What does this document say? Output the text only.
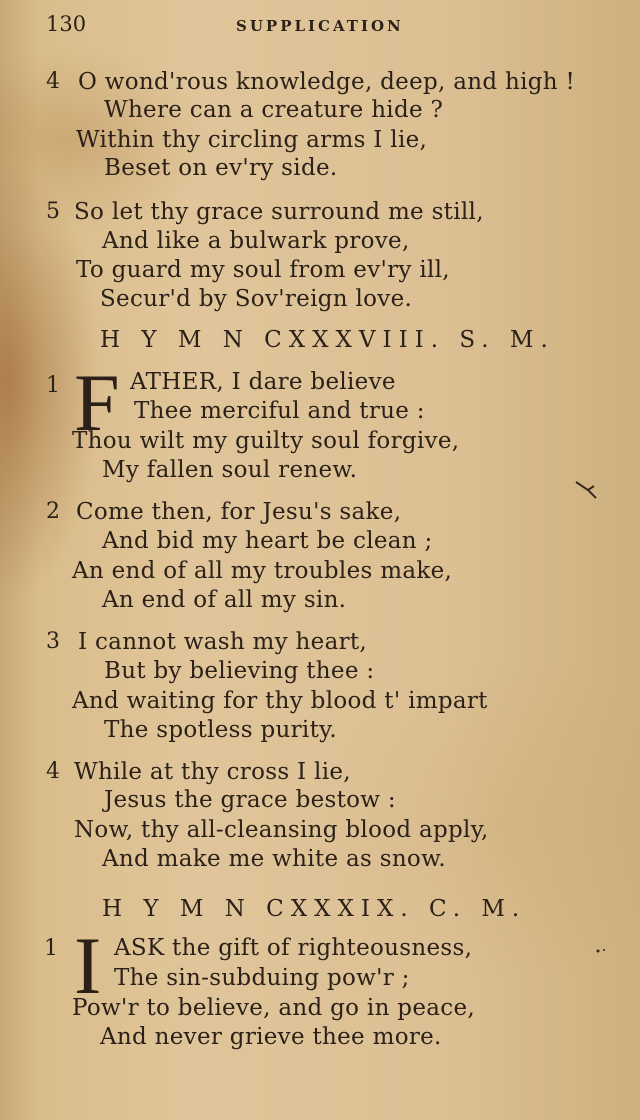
130	SUPPLICATION
4 O wond'rous knowledge, deep, and high !
Where can a creature hide ?
Within thy circling arms I lie,
Beset on ev'ry side.
5 So let thy grace surround me still,
And like a bulwark prove,
To guard my soul from ev'ry ill,
Secur'd by Sov'reign love.
H Y M N CXXXVIII. S. M.
1 F ATHER, I dare believe
Thee merciful and true :
Thou wilt my guilty soul forgive,
My fallen soul renew.
2 Come then, for Jesu's sake,
And bid my heart be clean ;
An end of all my troubles make,
An end of all my sin.
3 I cannot wash my heart,
But by believing thee :
And waiting for thy blood t' impart
The spotless purity.
4 While at thy cross I lie,
Jesus the grace bestow :
Now, thy all-cleansing blood apply,
And make me white as snow.
H Y M N CXXXIX. C. M.
1 I ASK the gift of righteousness,
The sin-subduing pow'r ;
Pow'r to believe, and go in peace,
And never grieve thee more.
